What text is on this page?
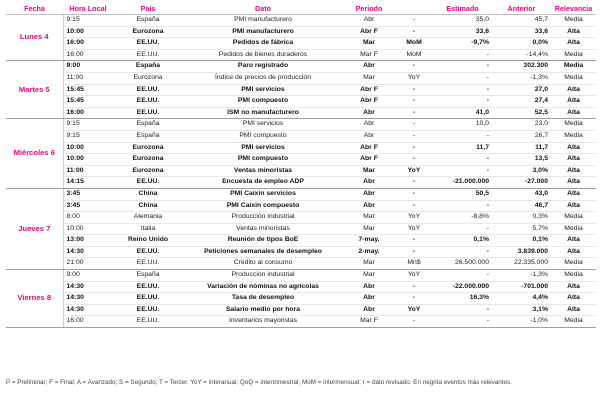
Fecha	Hora Local	País	Dato	Periodo		Estimado	Anterior	Relevancia
Lunes 4	9:15	España	PMI manufacturero	Abr	-	35,0	45,7	Media
	10:00	Eurozona	PMI manufacturero	Abr F	-	33,6	33,6	Alta
	16:00	EE.UU.	Pedidos de fábrica	Mar	MoM	-9,7%	0,0%	Alta
	16:00	EE.UU.	Pedidos de bienes duraderos	Mar F	MoM	-	-14,4%	Media
Martes 5	9:00	España	Paro registrado	Abr	-	-	302.300	Media
	11:00	Eurozona	Índice de precios de producción	Mar	YoY	-	-1,3%	Media
	15:45	EE.UU.	PMI servicios	Abr F	-	-	27,0	Alta
	15:45	EE.UU.	PMI compuesto	Abr F	-	-	27,4	Alta
	16:00	EE.UU.	ISM no manufacturero	Abr	-	41,0	52,5	Alta
Miércoles 6	9:15	España	PMI servicios	Abr	-	10,0	23,0	Media
	9:15	España	PMI compuesto	Abr	-	-	26,7	Media
	10:00	Eurozona	PMI servicios	Abr F	-	11,7	11,7	Alta
	10:00	Eurozona	PMI compuesto	Abr F	-	-	13,5	Alta
	11:00	Eurozona	Ventas minoristas	Mar	YoY	-	3,0%	Alta
	14:15	EE.UU.	Encuesta de empleo ADP	Abr	-	-21.000.000	-27.000	Alta
Jueves 7	3:45	China	PMI Caixin servicios	Abr	-	50,5	43,0	Alta
	3:45	China	PMI Caixin compuesto	Abr	-	-	46,7	Alta
	8:00	Alemania	Producción industrial	Mar	YoY	-8,8%	0,3%	Media
	10:00	Italia	Ventas minoristas	Mar	YoY	-	5,7%	Media
	13:00	Reino Unido	Reunión de tipos BoE	7-may.	-	0,1%	0,1%	Alta
	14:30	EE.UU.	Peticiones semanales de desempleo	2-may.	-	-	3.839.000	Alta
	21:00	EE.UU.	Crédito al consumo	Mar	Mn$	26.500.000	22.335.000	Media
Viernes 8	9:00	España	Producción industrial	Mar	YoY	-	-1,3%	Media
	14:30	EE.UU.	Variación de nóminas no agrícolas	Abr	-	-22.000.000	-701.000	Alta
	14:30	EE.UU.	Tasa de desempleo	Abr	-	16,3%	4,4%	Alta
	14:30	EE.UU.	Salario medio por hora	Abr	YoY	-	3,1%	Alta
	16:00	EE.UU.	Inventarios mayoristas	Mar F	-	-	-1,0%	Media
P = Preliminar; F = Final; A = Avanzado; S = Segundo; T = Tercer. YoY = interanual; QoQ = intertrimestral; MoM = intermensual; r = dato revisado. En negrita eventos más relevantes.
